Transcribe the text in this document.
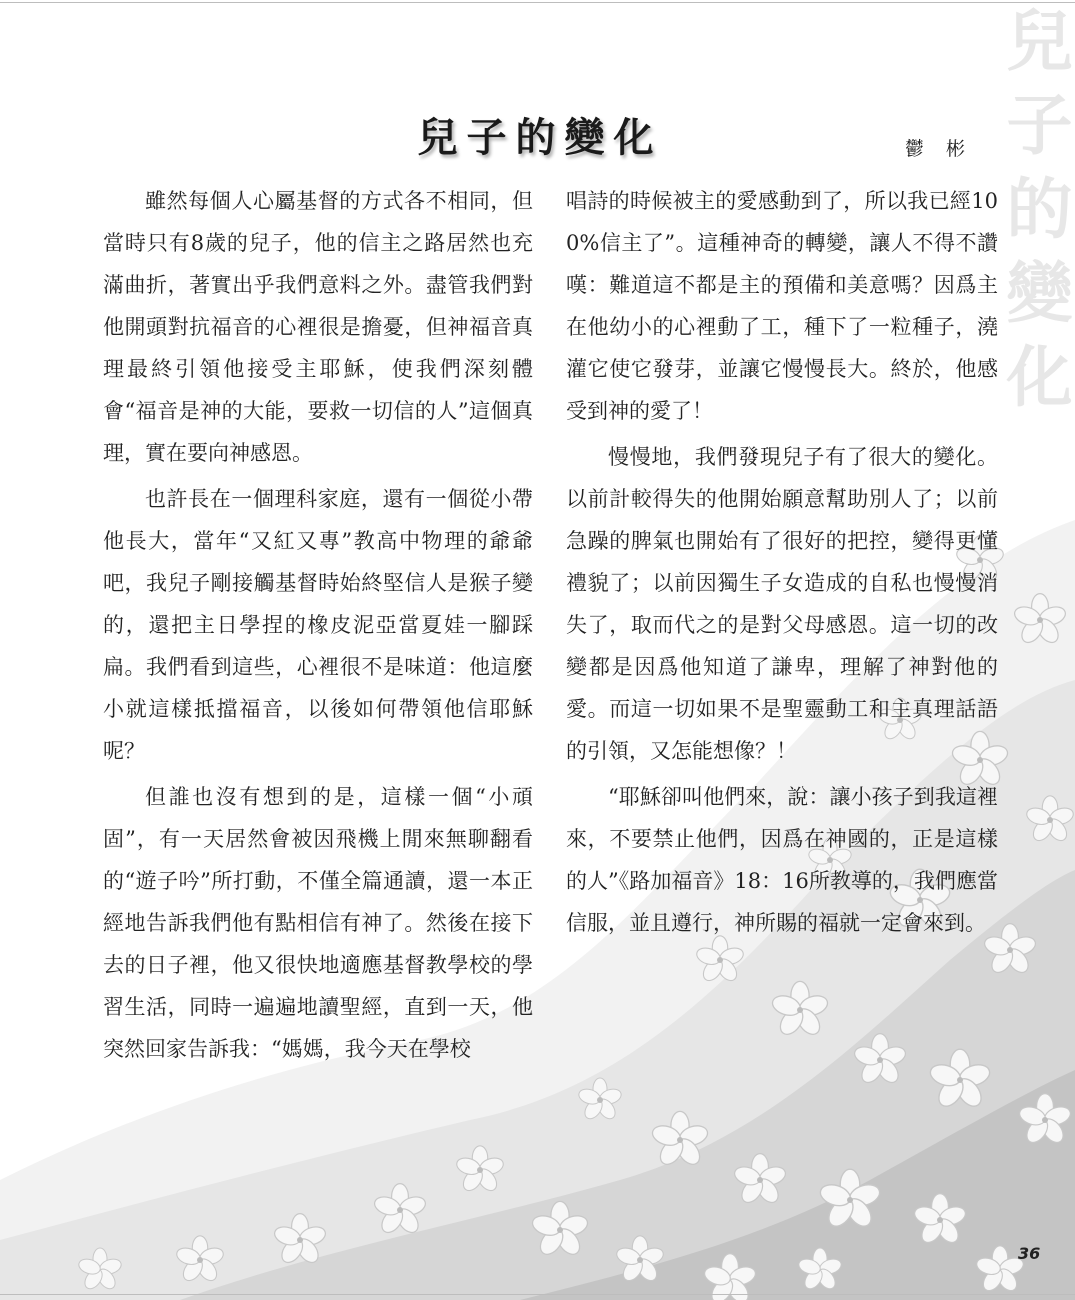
兒子的變化
兒子的變化	鬱 彬

雖然每個人心屬基督的方式各不相同，但當時只有8歲的兒子，他的信主之路居然也充滿曲折，著實出乎我們意料之外。盡管我們對他開頭對抗福音的心裡很是擔憂，但神福音真理最終引領他接受主耶穌，使我們深刻體會“福音是神的大能，要救一切信的人”這個真理，實在要向神感恩。

也許長在一個理科家庭，還有一個從小帶他長大，當年“又紅又專”教高中物理的爺爺吧，我兒子剛接觸基督時始終堅信人是猴子變的，還把主日學捏的橡皮泥亞當夏娃一腳踩扁。我們看到這些，心裡很不是味道：他這麼小就這樣抵擋福音，以後如何帶領他信耶穌呢？

但誰也沒有想到的是，這樣一個“小頑固”，有一天居然會被因飛機上閒來無聊翻看的“遊子吟”所打動，不僅全篇通讀，還一本正經地告訴我們他有點相信有神了。然後在接下去的日子裡，他又很快地適應基督教學校的學習生活，同時一遍遍地讀聖經，直到一天，他突然回家告訴我：“媽媽，我今天在學校

唱詩的時候被主的愛感動到了，所以我已經100%信主了”。這種神奇的轉變，讓人不得不讚嘆：難道這不都是主的預備和美意嗎？因爲主在他幼小的心裡動了工，種下了一粒種子，澆灌它使它發芽，並讓它慢慢長大。終於，他感受到神的愛了！

慢慢地，我們發現兒子有了很大的變化。以前計較得失的他開始願意幫助別人了；以前急躁的脾氣也開始有了很好的把控，變得更懂禮貌了；以前因獨生子女造成的自私也慢慢消失了，取而代之的是對父母感恩。這一切的改變都是因爲他知道了謙卑，理解了神對他的愛。而這一切如果不是聖靈動工和主真理話語的引領，又怎能想像？！

“耶穌卻叫他們來，說：讓小孩子到我這裡來，不要禁止他們，因爲在神國的，正是這樣的人”《路加福音》18：16所教導的，我們應當信服，並且遵行，神所賜的福就一定會來到。

36
